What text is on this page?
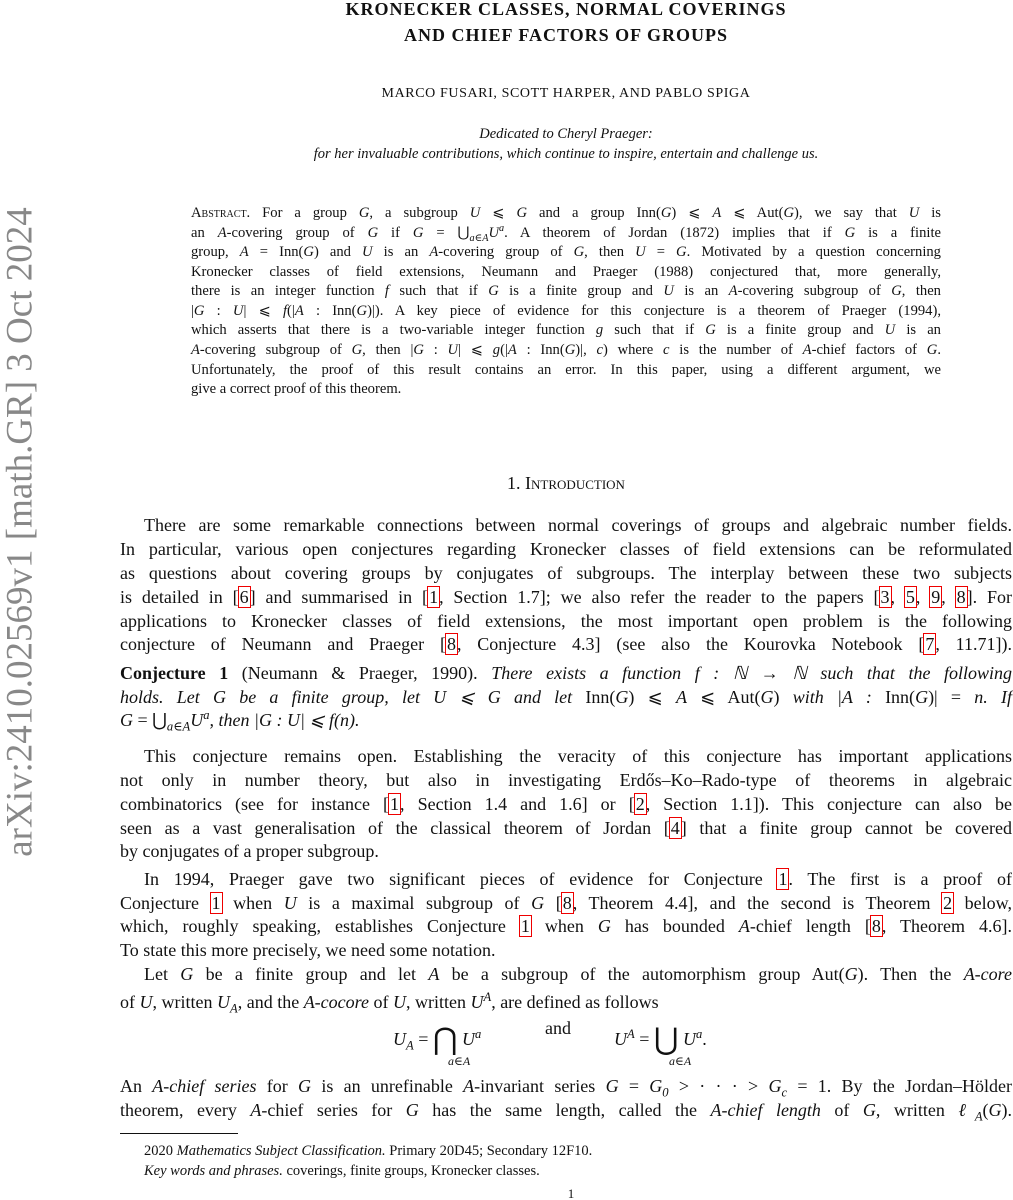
arXiv:2410.02569v1 [math.GR] 3 Oct 2024
KRONECKER CLASSES, NORMAL COVERINGS
AND CHIEF FACTORS OF GROUPS
MARCO FUSARI, SCOTT HARPER, AND PABLO SPIGA
Dedicated to Cheryl Praeger:
for her invaluable contributions, which continue to inspire, entertain and challenge us.
Abstract. For a group G, a subgroup U ⩽ G and a group Inn(G) ⩽ A ⩽ Aut(G), we say that U is
an A-covering group of G if $G = ⋃_{a\in A}U^a$. A theorem of Jordan (1872) implies that if G is a finite
group, A = Inn(G) and U is an A-covering group of G, then U = G. Motivated by a question concerning
Kronecker classes of field extensions, Neumann and Praeger (1988) conjectured that, more generally,
there is an integer function f such that if G is a finite group and U is an A-covering subgroup of G, then
|G : U| ⩽ f(|A : Inn(G)|). A key piece of evidence for this conjecture is a theorem of Praeger (1994),
which asserts that there is a two-variable integer function g such that if G is a finite group and U is an
A-covering subgroup of G, then |G : U| ⩽ g(|A : Inn(G)|, c) where c is the number of A-chief factors of G.
Unfortunately, the proof of this result contains an error. In this paper, using a different argument, we
give a correct proof of this theorem.
1. Introduction
There are some remarkable connections between normal coverings of groups and algebraic number fields.
In particular, various open conjectures regarding Kronecker classes of field extensions can be reformulated
as questions about covering groups by conjugates of subgroups. The interplay between these two subjects
is detailed in [6] and summarised in [1, Section 1.7]; we also refer the reader to the papers [3, 5, 9, 8]. For
applications to Kronecker classes of field extensions, the most important open problem is the following
conjecture of Neumann and Praeger [8, Conjecture 4.3] (see also the Kourovka Notebook [7, 11.71]).
Conjecture 1 (Neumann & Praeger, 1990). There exists a function f : ℕ → ℕ such that the following
holds. Let G be a finite group, let U ⩽ G and let Inn(G) ⩽ A ⩽ Aut(G) with |A : Inn(G)| = n. If
$G = ⋃_{a\in A}U^a$, then |G : U| ⩽ f(n).
This conjecture remains open. Establishing the veracity of this conjecture has important applications
not only in number theory, but also in investigating Erdős–Ko–Rado-type of theorems in algebraic
combinatorics (see for instance [1, Section 1.4 and 1.6] or [2, Section 1.1]). This conjecture can also be
seen as a vast generalisation of the classical theorem of Jordan [4] that a finite group cannot be covered
by conjugates of a proper subgroup.
In 1994, Praeger gave two significant pieces of evidence for Conjecture 1. The first is a proof of
Conjecture 1 when U is a maximal subgroup of G [8, Theorem 4.4], and the second is Theorem 2 below,
which, roughly speaking, establishes Conjecture 1 when G has bounded A-chief length [8, Theorem 4.6].
To state this more precisely, we need some notation.
Let G be a finite group and let A be a subgroup of the automorphism group Aut(G). Then the A-core
of U, written $U_A$, and the A-cocore of U, written $U^A$, are defined as follows
$U_A$ = ⋂ $U^a$
a∈A
and
$U^A$ = ⋃ $U^a$.
a∈A
An A-chief series for G is an unrefinable A-invariant series $G = G_0$ > · · · > $G_c = 1$. By the Jordan–Hölder
theorem, every A-chief series for G has the same length, called the A-chief length of G, written ℓ$_A$(G).
2020 Mathematics Subject Classification. Primary 20D45; Secondary 12F10.
Key words and phrases. coverings, finite groups, Kronecker classes.
1
